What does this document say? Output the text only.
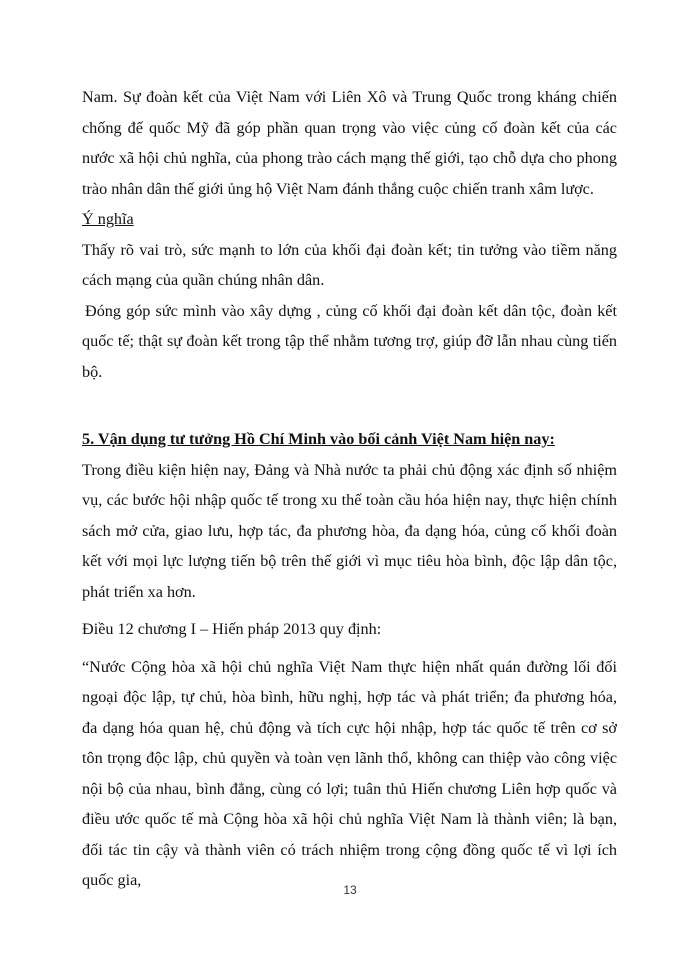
Nam. Sự đoàn kết của Việt Nam với Liên Xô và Trung Quốc trong kháng chiến chống đế quốc Mỹ đã góp phần quan trọng vào việc củng cố đoàn kết của các nước xã hội chủ nghĩa, của phong trào cách mạng thế giới, tạo chỗ dựa cho phong trào nhân dân thế giới ủng hộ Việt Nam đánh thắng cuộc chiến tranh xâm lược.

Ý nghĩa

Thấy rõ vai trò, sức mạnh to lớn của khối đại đoàn kết; tin tưởng vào tiềm năng cách mạng của quần chúng nhân dân.

Đóng góp sức mình vào xây dựng , củng cố khối đại đoàn kết dân tộc, đoàn kết quốc tế; thật sự đoàn kết trong tập thể nhằm tương trợ, giúp đỡ lẫn nhau cùng tiến bộ.

5. Vận dụng tư tưởng Hồ Chí Minh vào bối cảnh Việt Nam hiện nay:

Trong điều kiện hiện nay, Đảng và Nhà nước ta phải chủ động xác định số nhiệm vụ, các bước hội nhập quốc tế trong xu thế toàn cầu hóa hiện nay, thực hiện chính sách mở cửa, giao lưu, hợp tác, đa phương hòa, đa dạng hóa, củng cố khối đoàn kết với mọi lực lượng tiến bộ trên thế giới vì mục tiêu hòa bình, độc lập dân tộc, phát triển xa hơn.

Điều 12 chương I – Hiến pháp 2013 quy định:

“Nước Cộng hòa xã hội chủ nghĩa Việt Nam thực hiện nhất quán đường lối đối ngoại độc lập, tự chủ, hòa bình, hữu nghị, hợp tác và phát triển; đa phương hóa, đa dạng hóa quan hệ, chủ động và tích cực hội nhập, hợp tác quốc tế trên cơ sở tôn trọng độc lập, chủ quyền và toàn vẹn lãnh thổ, không can thiệp vào công việc nội bộ của nhau, bình đẳng, cùng có lợi; tuân thủ Hiến chương Liên hợp quốc và điều ước quốc tế mà Cộng hòa xã hội chủ nghĩa Việt Nam là thành viên; là bạn, đối tác tin cậy và thành viên có trách nhiệm trong cộng đồng quốc tế vì lợi ích quốc gia,

13
